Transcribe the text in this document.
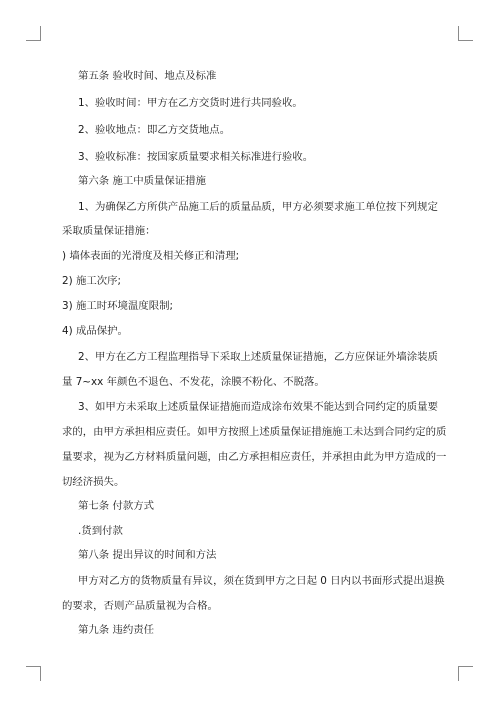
第五条 验收时间、地点及标准
1、验收时间：甲方在乙方交货时进行共同验收。
2、验收地点：即乙方交货地点。
3、验收标准：按国家质量要求相关标准进行验收。
第六条 施工中质量保证措施
1、为确保乙方所供产品施工后的质量品质，甲方必须要求施工单位按下列规定
采取质量保证措施：
) 墙体表面的光滑度及相关修正和清理;
2) 施工次序;
3) 施工时环境温度限制;
4) 成品保护。
2、甲方在乙方工程监理指导下采取上述质量保证措施，乙方应保证外墙涂装质
量 7~xx 年颜色不退色、不发花，涂膜不粉化、不脱落。
3、如甲方未采取上述质量保证措施而造成涂布效果不能达到合同约定的质量要
求的，由甲方承担相应责任。如甲方按照上述质量保证措施施工未达到合同约定的质
量要求，视为乙方材料质量问题，由乙方承担相应责任，并承担由此为甲方造成的一
切经济损失。
第七条 付款方式
.货到付款
第八条 提出异议的时间和方法
甲方对乙方的货物质量有异议，须在货到甲方之日起 0 日内以书面形式提出退换
的要求，否则产品质量视为合格。
第九条 违约责任
